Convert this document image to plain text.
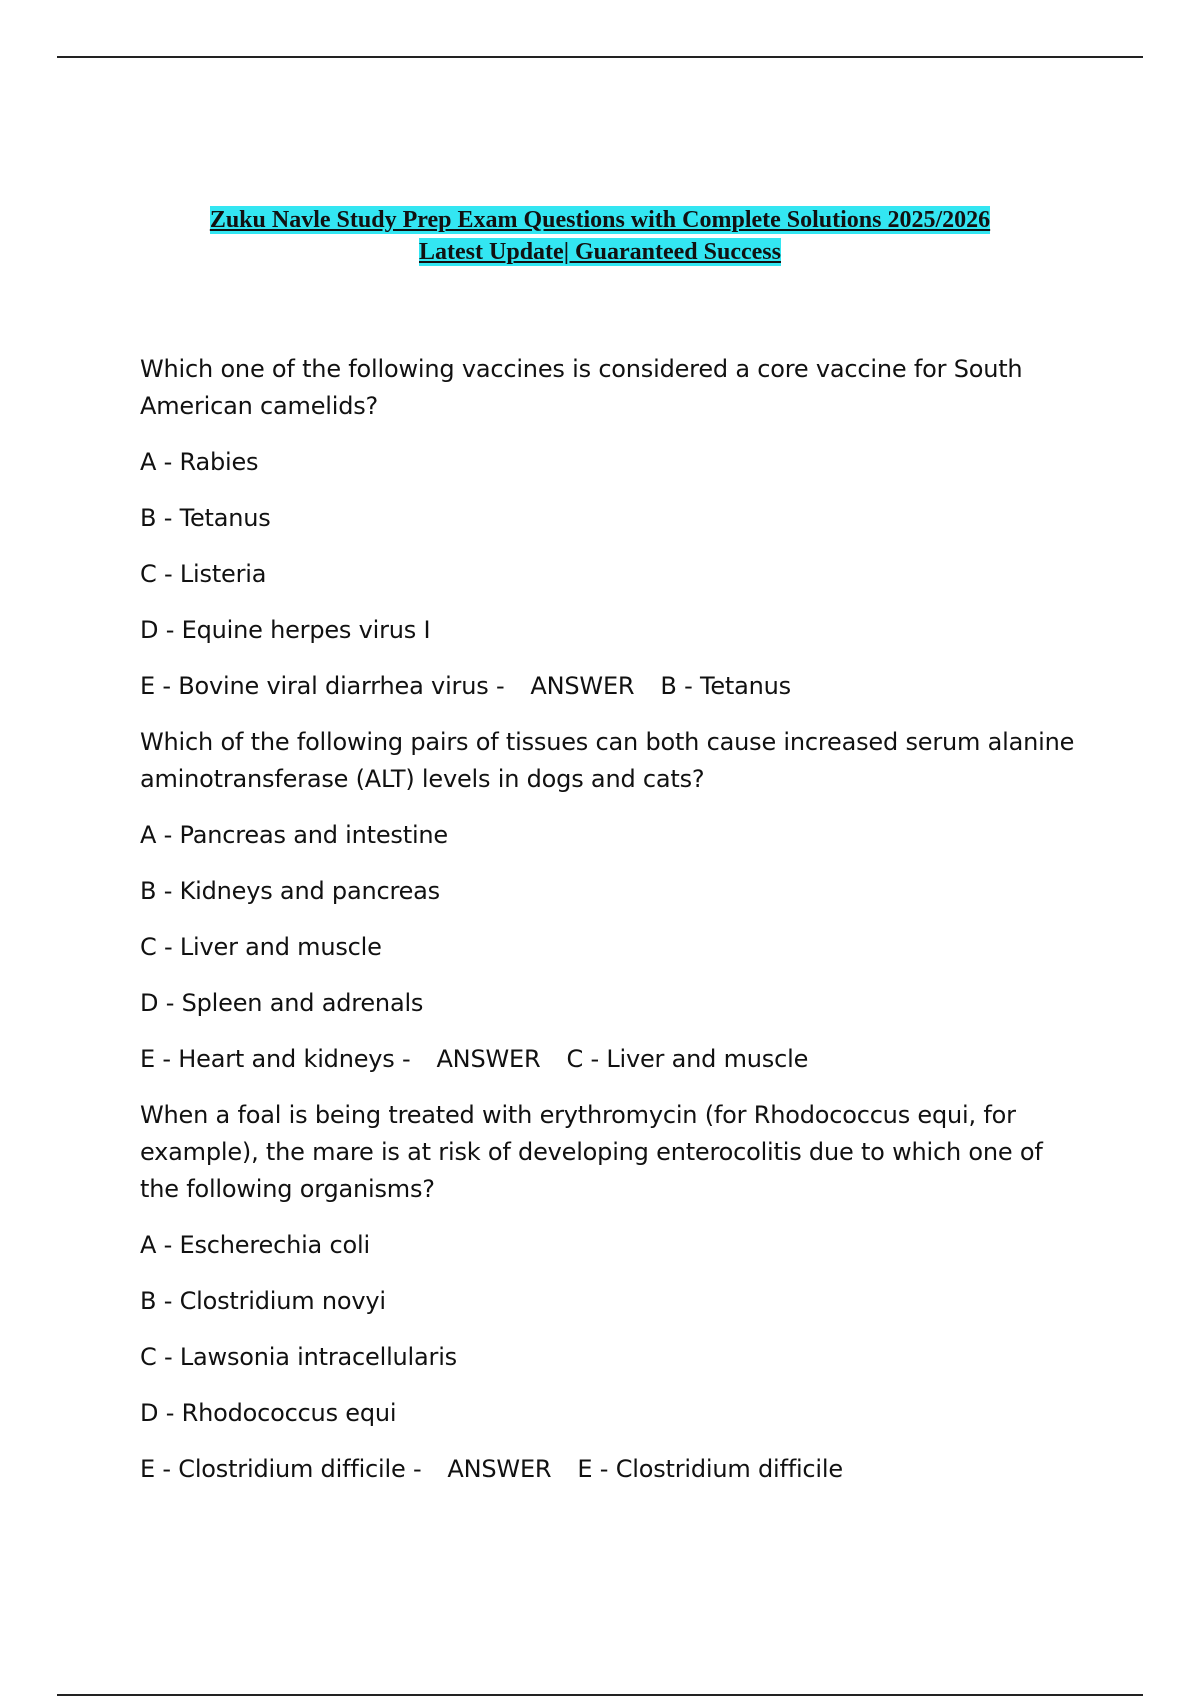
Zuku Navle Study Prep Exam Questions with Complete Solutions 2025/2026
Latest Update| Guaranteed Success
Which one of the following vaccines is considered a core vaccine for South American camelids?
A - Rabies
B - Tetanus
C - Listeria
D - Equine herpes virus I
E - Bovine viral diarrhea virus - ANSWER B - Tetanus
Which of the following pairs of tissues can both cause increased serum alanine aminotransferase (ALT) levels in dogs and cats?
A - Pancreas and intestine
B - Kidneys and pancreas
C - Liver and muscle
D - Spleen and adrenals
E - Heart and kidneys - ANSWER C - Liver and muscle
When a foal is being treated with erythromycin (for Rhodococcus equi, for example), the mare is at risk of developing enterocolitis due to which one of the following organisms?
A - Escherechia coli
B - Clostridium novyi
C - Lawsonia intracellularis
D - Rhodococcus equi
E - Clostridium difficile - ANSWER E - Clostridium difficile
